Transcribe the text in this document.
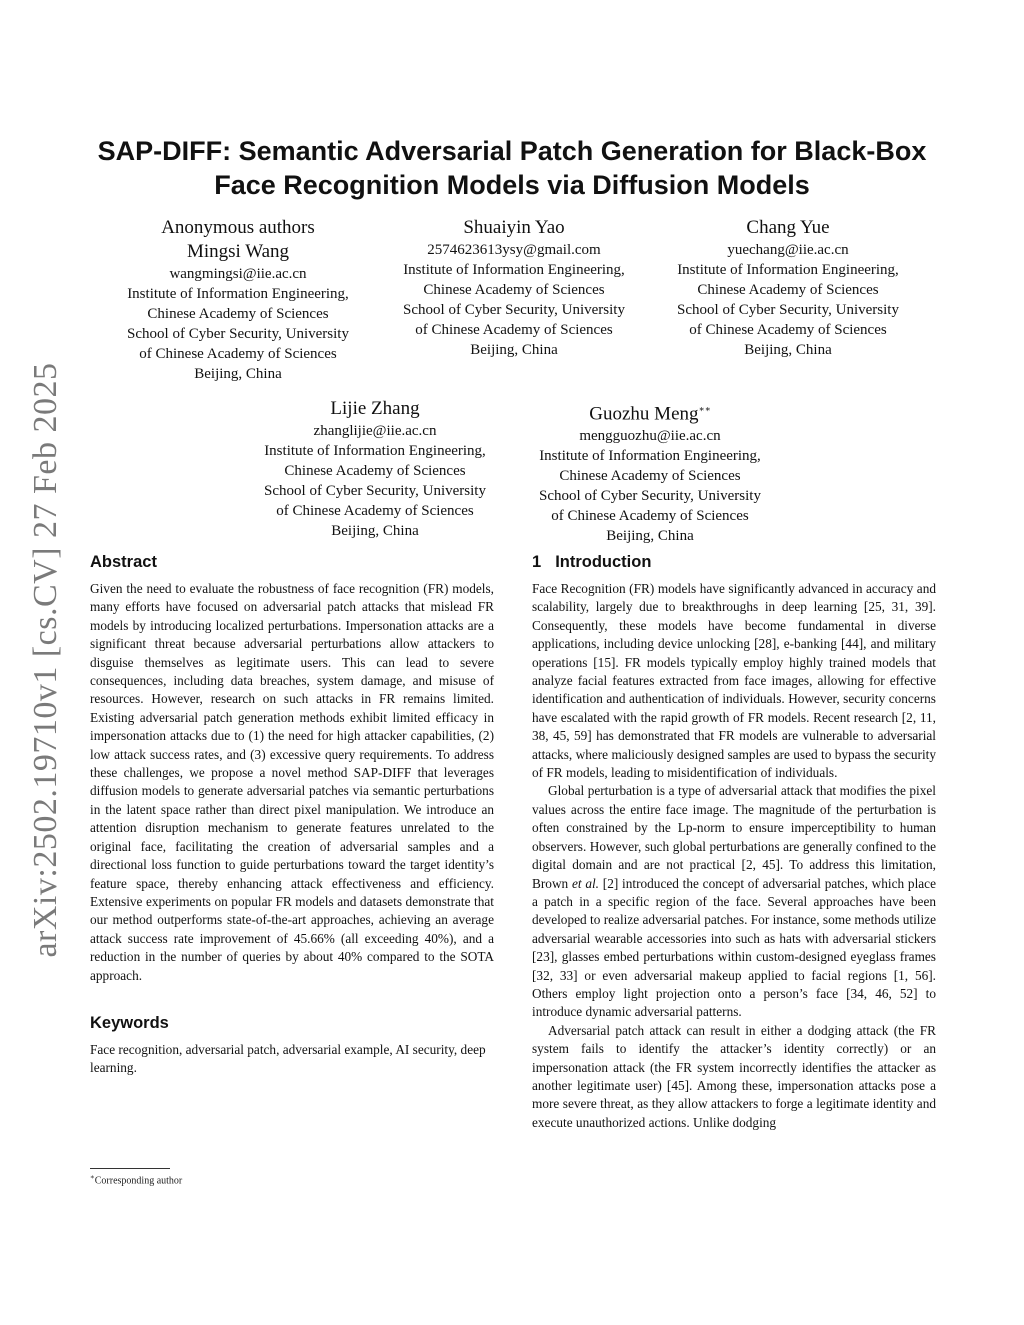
arXiv:2502.19710v1 [cs.CV] 27 Feb 2025
SAP-DIFF: Semantic Adversarial Patch Generation for Black-Box
Face Recognition Models via Diffusion Models
Anonymous authors
Mingsi Wang
wangmingsi@iie.ac.cn
Institute of Information Engineering,
Chinese Academy of Sciences
School of Cyber Security, University
of Chinese Academy of Sciences
Beijing, China
Shuaiyin Yao
2574623613ysy@gmail.com
Institute of Information Engineering,
Chinese Academy of Sciences
School of Cyber Security, University
of Chinese Academy of Sciences
Beijing, China
Chang Yue
yuechang@iie.ac.cn
Institute of Information Engineering,
Chinese Academy of Sciences
School of Cyber Security, University
of Chinese Academy of Sciences
Beijing, China
Lijie Zhang
zhanglijie@iie.ac.cn
Institute of Information Engineering,
Chinese Academy of Sciences
School of Cyber Security, University
of Chinese Academy of Sciences
Beijing, China
Guozhu Meng∗∗
mengguozhu@iie.ac.cn
Institute of Information Engineering,
Chinese Academy of Sciences
School of Cyber Security, University
of Chinese Academy of Sciences
Beijing, China
Abstract

Given the need to evaluate the robustness of face recognition (FR) models, many efforts have focused on adversarial patch attacks that mislead FR models by introducing localized perturbations. Impersonation attacks are a significant threat because adversarial perturbations allow attackers to disguise themselves as legitimate users. This can lead to severe consequences, including data breaches, system damage, and misuse of resources. However, research on such attacks in FR remains limited. Existing adversarial patch generation methods exhibit limited efficacy in impersonation attacks due to (1) the need for high attacker capabilities, (2) low attack success rates, and (3) excessive query requirements. To address these challenges, we propose a novel method SAP-DIFF that leverages diffusion models to generate adversarial patches via semantic perturbations in the latent space rather than direct pixel manipulation. We introduce an attention disruption mechanism to generate features unrelated to the original face, facilitating the creation of adversarial samples and a directional loss function to guide perturbations toward the target identity’s feature space, thereby enhancing attack effectiveness and efficiency. Extensive experiments on popular FR models and datasets demonstrate that our method outperforms state-of-the-art approaches, achieving an average attack success rate improvement of 45.66% (all exceeding 40%), and a reduction in the number of queries by about 40% compared to the SOTA approach.

Keywords

Face recognition, adversarial patch, adversarial example, AI security, deep learning.

1 Introduction

Face Recognition (FR) models have significantly advanced in accuracy and scalability, largely due to breakthroughs in deep learning [25, 31, 39]. Consequently, these models have become fundamental in diverse applications, including device unlocking [28], e-banking [44], and military operations [15]. FR models typically employ highly trained models that analyze facial features extracted from face images, allowing for effective identification and authentication of individuals. However, security concerns have escalated with the rapid growth of FR models. Recent research [2, 11, 38, 45, 59] has demonstrated that FR models are vulnerable to adversarial attacks, where maliciously designed samples are used to bypass the security of FR models, leading to misidentification of individuals.

Global perturbation is a type of adversarial attack that modifies the pixel values across the entire face image. The magnitude of the perturbation is often constrained by the Lp-norm to ensure imperceptibility to human observers. However, such global perturbations are generally confined to the digital domain and are not practical [2, 45]. To address this limitation, Brown et al. [2] introduced the concept of adversarial patches, which place a patch in a specific region of the face. Several approaches have been developed to realize adversarial patches. For instance, some methods utilize adversarial wearable accessories into such as hats with adversarial stickers [23], glasses embed perturbations within custom-designed eyeglass frames [32, 33] or even adversarial makeup applied to facial regions [1, 56]. Others employ light projection onto a person’s face [34, 46, 52] to introduce dynamic adversarial patterns.

Adversarial patch attack can result in either a dodging attack (the FR system fails to identify the attacker’s identity correctly) or an impersonation attack (the FR system incorrectly identifies the attacker as another legitimate user) [45]. Among these, impersonation attacks pose a more severe threat, as they allow attackers to forge a legitimate identity and execute unauthorized actions. Unlike dodging

∗Corresponding author
